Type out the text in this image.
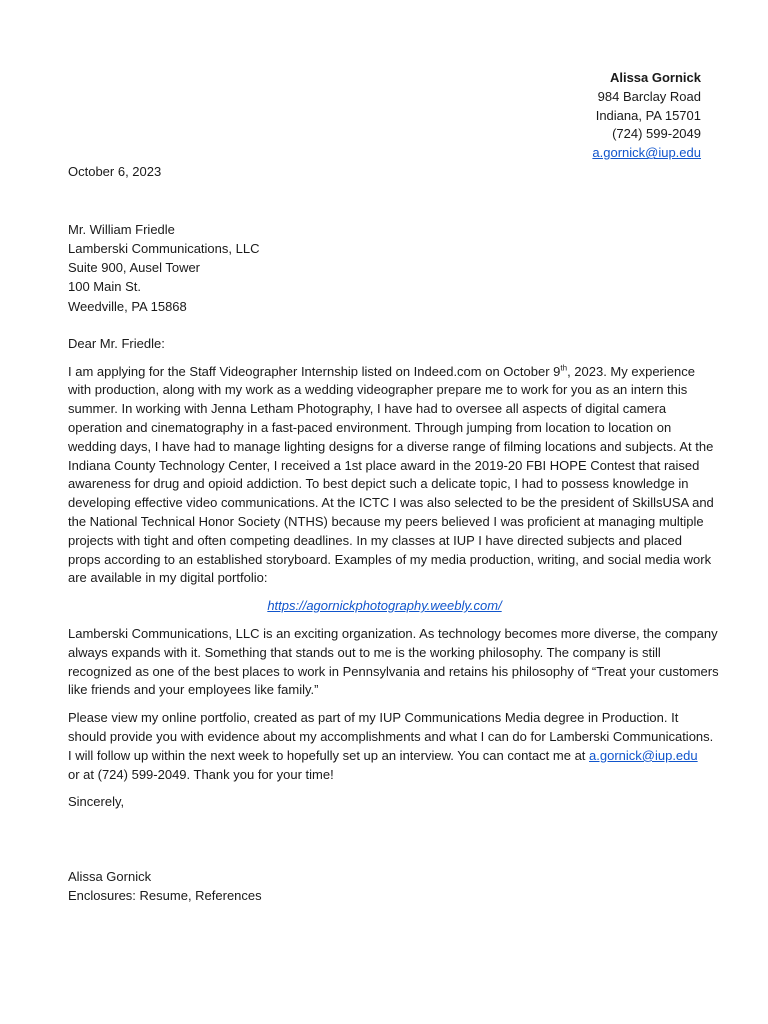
Alissa Gornick
984 Barclay Road
Indiana, PA 15701
(724) 599-2049
a.gornick@iup.edu
October 6, 2023
Mr. William Friedle
Lamberski Communications, LLC
Suite 900, Ausel Tower
100 Main St.
Weedville, PA 15868
Dear Mr. Friedle:
I am applying for the Staff Videographer Internship listed on Indeed.com on October 9th, 2023. My experience
with production, along with my work as a wedding videographer prepare me to work for you as an intern this
summer. In working with Jenna Letham Photography, I have had to oversee all aspects of digital camera
operation and cinematography in a fast-paced environment. Through jumping from location to location on
wedding days, I have had to manage lighting designs for a diverse range of filming locations and subjects. At the
Indiana County Technology Center, I received a 1st place award in the 2019-20 FBI HOPE Contest that raised
awareness for drug and opioid addiction. To best depict such a delicate topic, I had to possess knowledge in
developing effective video communications. At the ICTC I was also selected to be the president of SkillsUSA and
the National Technical Honor Society (NTHS) because my peers believed I was proficient at managing multiple
projects with tight and often competing deadlines. In my classes at IUP I have directed subjects and placed
props according to an established storyboard. Examples of my media production, writing, and social media work
are available in my digital portfolio:
https://agornickphotography.weebly.com/
Lamberski Communications, LLC is an exciting organization. As technology becomes more diverse, the company
always expands with it. Something that stands out to me is the working philosophy. The company is still
recognized as one of the best places to work in Pennsylvania and retains his philosophy of “Treat your customers
like friends and your employees like family.”
Please view my online portfolio, created as part of my IUP Communications Media degree in Production. It
should provide you with evidence about my accomplishments and what I can do for Lamberski Communications.
I will follow up within the next week to hopefully set up an interview. You can contact me at a.gornick@iup.edu
or at (724) 599-2049. Thank you for your time!
Sincerely,
Alissa Gornick
Enclosures: Resume, References
